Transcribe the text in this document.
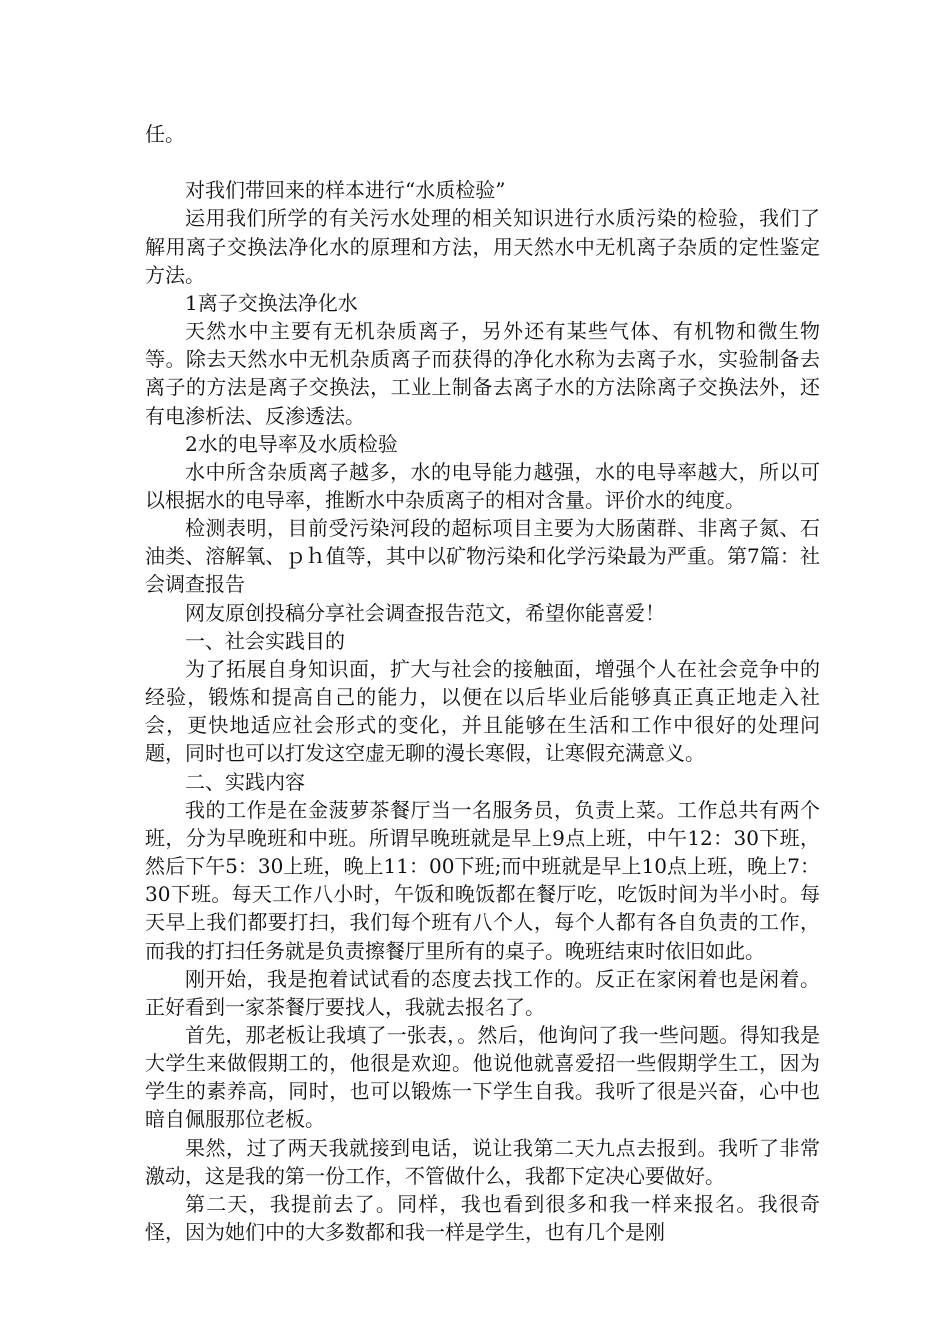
任。

对我们带回来的样本进行“水质检验”

运用我们所学的有关污水处理的相关知识进行水质污染的检验，我们了解用离子交换法净化水的原理和方法，用天然水中无机离子杂质的定性鉴定方法。

1离子交换法净化水

天然水中主要有无机杂质离子，另外还有某些气体、有机物和微生物等。除去天然水中无机杂质离子而获得的净化水称为去离子水，实验制备去离子的方法是离子交换法，工业上制备去离子水的方法除离子交换法外，还有电渗析法、反渗透法。

2水的电导率及水质检验

水中所含杂质离子越多，水的电导能力越强，水的电导率越大，所以可以根据水的电导率，推断水中杂质离子的相对含量。评价水的纯度。

检测表明，目前受污染河段的超标项目主要为大肠菌群、非离子氮、石油类、溶解氧、ｐｈ值等，其中以矿物污染和化学污染最为严重。第7篇：社会调查报告

网友原创投稿分享社会调查报告范文，希望你能喜爱！

一、社会实践目的

为了拓展自身知识面，扩大与社会的接触面，增强个人在社会竞争中的经验，锻炼和提高自己的能力，以便在以后毕业后能够真正真正地走入社会，更快地适应社会形式的变化，并且能够在生活和工作中很好的处理问题，同时也可以打发这空虚无聊的漫长寒假，让寒假充满意义。

二、实践内容

我的工作是在金菠萝茶餐厅当一名服务员，负责上菜。工作总共有两个班，分为早晚班和中班。所谓早晚班就是早上9点上班，中午12：30下班，然后下午5：30上班，晚上11：00下班;而中班就是早上10点上班，晚上7：30下班。每天工作八小时，午饭和晚饭都在餐厅吃，吃饭时间为半小时。每天早上我们都要打扫，我们每个班有八个人，每个人都有各自负责的工作，而我的打扫任务就是负责擦餐厅里所有的桌子。晚班结束时依旧如此。

刚开始，我是抱着试试看的态度去找工作的。反正在家闲着也是闲着。正好看到一家茶餐厅要找人，我就去报名了。

首先，那老板让我填了一张表，。然后，他询问了我一些问题。得知我是大学生来做假期工的，他很是欢迎。他说他就喜爱招一些假期学生工，因为学生的素养高，同时，也可以锻炼一下学生自我。我听了很是兴奋，心中也暗自佩服那位老板。

果然，过了两天我就接到电话，说让我第二天九点去报到。我听了非常激动，这是我的第一份工作，不管做什么，我都下定决心要做好。

第二天，我提前去了。同样，我也看到很多和我一样来报名。我很奇怪，因为她们中的大多数都和我一样是学生，也有几个是刚
